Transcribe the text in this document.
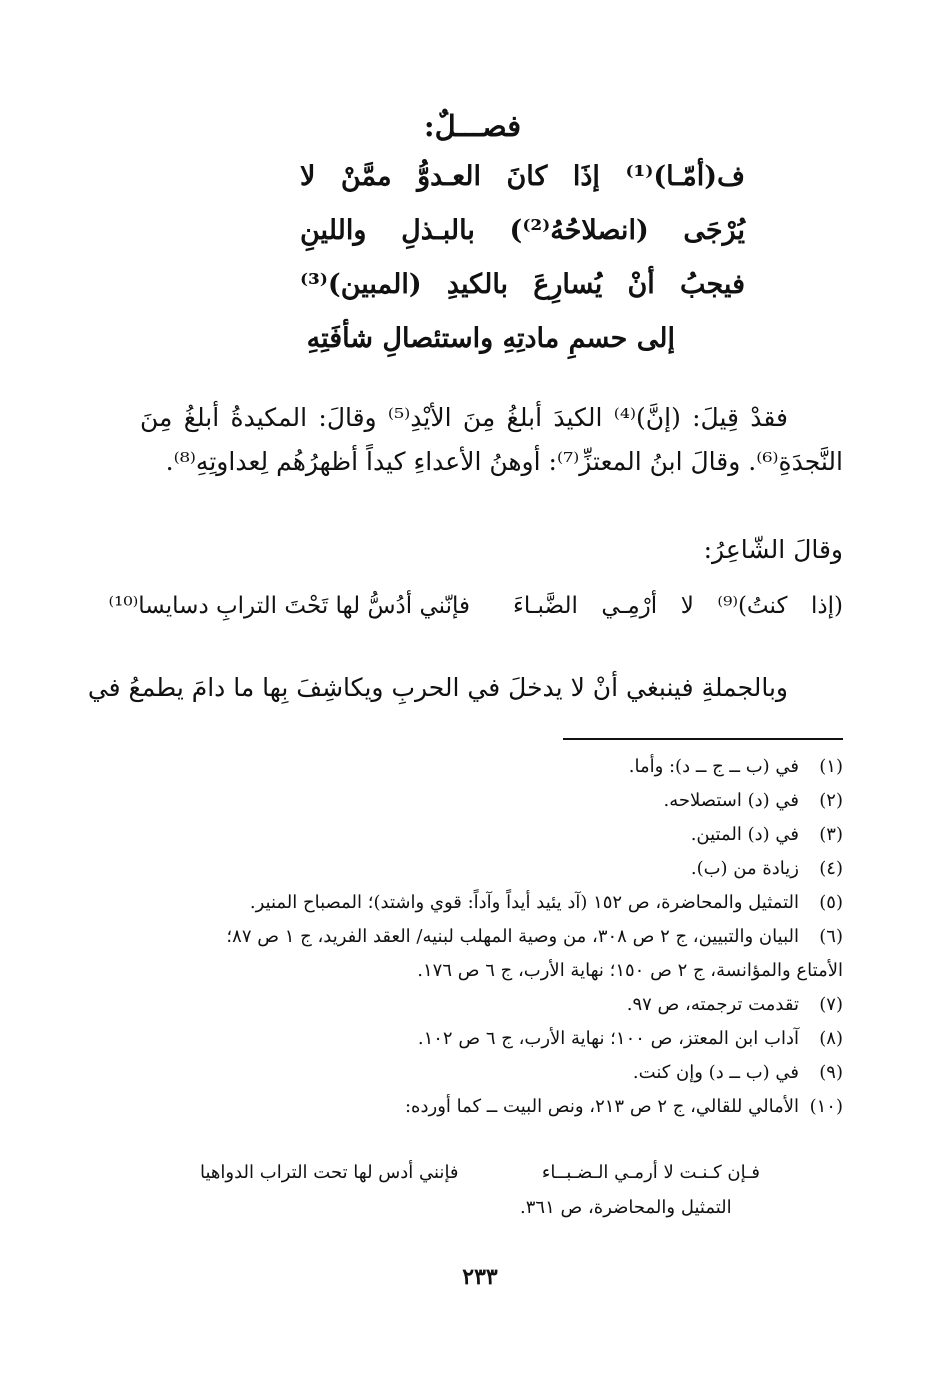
فصـــلٌ:
ف(أمّـا)⁽¹⁾ إذَا كانَ العـدوُّ ممَّنْ لا
يُرْجَى (انصلاحُهُ⁽²⁾) بالبـذلِ واللينِ
فيجبُ أنْ يُسارِعَ بالكيدِ (المبين)⁽³⁾
إلى حسمِ مادتِهِ واستئصالِ شأفَتِهِ
فقدْ قِيلَ: (إنَّ)⁽⁴⁾ الكيدَ أبلغُ مِنَ الأيْدِ⁽⁵⁾ وقالَ: المكيدةُ أبلغُ مِنَ
النَّجدَةِ⁽⁶⁾. وقالَ ابنُ المعتزِّ⁽⁷⁾: أوهنُ الأعداءِ كيداً أظهرُهُم لِعداوتِهِ⁽⁸⁾.
وقالَ الشّاعِرُ:
(إذا كنتُ)⁽⁹⁾ لا أرْمِـي الضَّبـاءَ
فإنّني أدُسُّ لها تَحْتَ الترابِ دسايسا⁽¹⁰⁾
وبالجملةِ فينبغي أنْ لا يدخلَ في الحربِ ويكاشِفَ بِها ما دامَ يطمعُ في
(١)في (ب ــ ج ــ د): وأما.
(٢)في (د) استصلاحه.
(٣)في (د) المتين.
(٤)زيادة من (ب).
(٥)التمثيل والمحاضرة، ص ١٥٢ (آد يئيد أيداً وآداً: قوي واشتد)؛ المصباح المنير.
(٦)البيان والتبيين، ج ٢ ص ٣٠٨، من وصية المهلب لبنيه/ العقد الفريد، ج ١ ص ٨٧؛
الأمتاع والمؤانسة، ج ٢ ص ١٥٠؛ نهاية الأرب، ج ٦ ص ١٧٦.
(٧)تقدمت ترجمته، ص ٩٧.
(٨)آداب ابن المعتز، ص ١٠٠؛ نهاية الأرب، ج ٦ ص ١٠٢.
(٩)في (ب ــ د) وإن كنت.
(١٠)الأمالي للقالي، ج ٢ ص ٢١٣، ونص البيت ــ كما أورده:
فـإن كـنـت لا أرمـي الـضـبــاء
فإنني أدس لها تحت التراب الدواهيا
التمثيل والمحاضرة، ص ٣٦١.
٢٣٣
